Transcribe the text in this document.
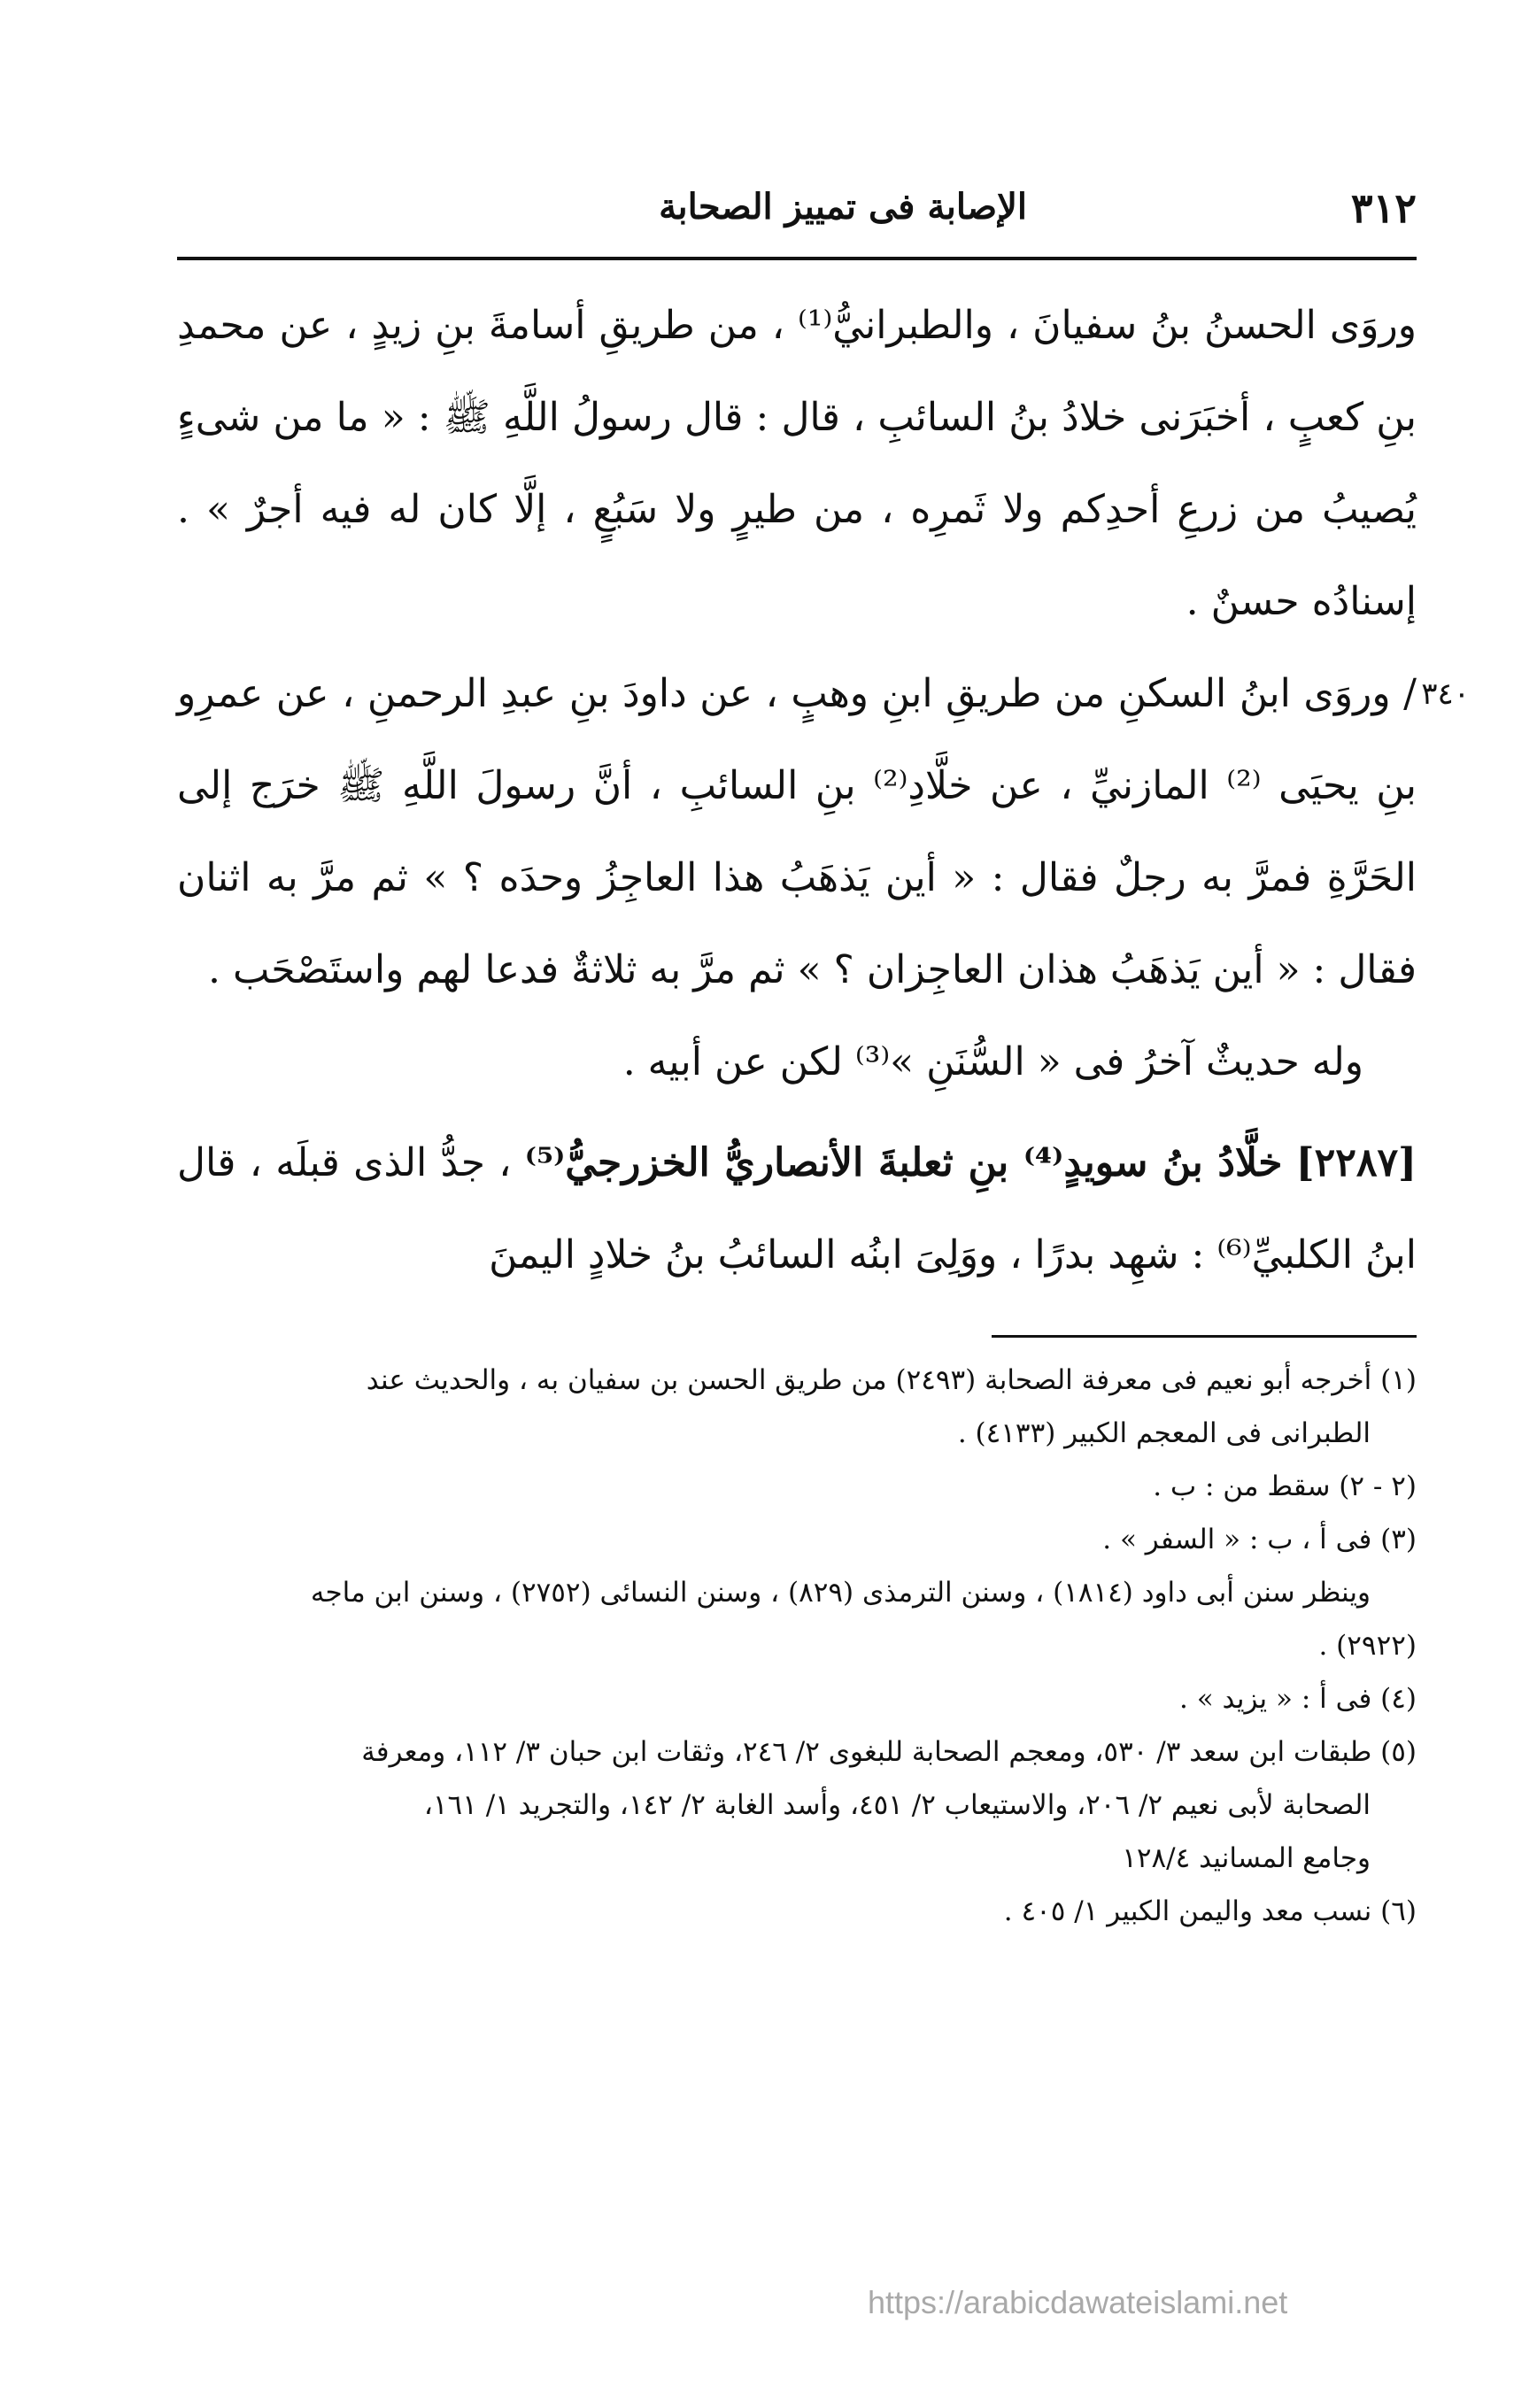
٣١٢
الإصابة فى تمييز الصحابة

وروَى الحسنُ بنُ سفيانَ ، والطبرانيُّ⁽¹⁾ ، من طريقِ أسامةَ بنِ زيدٍ ، عن محمدِ بنِ كعبٍ ، أخبَرَنى خلادُ بنُ السائبِ ، قال : قال رسولُ اللَّهِ ﷺ : « ما من شىءٍ يُصيبُ من زرعِ أحدِكم ولا ثَمرِه ، من طيرٍ ولا سَبُعٍ ، إلَّا كان له فيه أجرٌ » . إسنادُه حسنٌ .

٣٤٠

/ وروَى ابنُ السكنِ من طريقِ ابنِ وهبٍ ، عن داودَ بنِ عبدِ الرحمنِ ، عن عمرِو بنِ يحيَى ⁽²⁾ المازنيِّ ، عن خلَّادِ⁽²⁾ بنِ السائبِ ، أنَّ رسولَ اللَّهِ ﷺ خرَج إلى الحَرَّةِ فمرَّ به رجلٌ فقال : « أين يَذهَبُ هذا العاجِزُ وحدَه ؟ » ثم مرَّ به اثنان فقال : « أين يَذهَبُ هذان العاجِزان ؟ » ثم مرَّ به ثلاثةٌ فدعا لهم واستَصْحَب .

وله حديثٌ آخرُ فى « السُّنَنِ »⁽³⁾ لكن عن أبيه .

[٢٢٨٧] خلَّادُ بنُ سويدٍ⁽⁴⁾ بنِ ثعلبةَ الأنصاريُّ الخزرجيُّ⁽⁵⁾ ، جدُّ الذى قبلَه ، قال ابنُ الكلبيِّ⁽⁶⁾ : شهِد بدرًا ، ووَلِىَ ابنُه السائبُ بنُ خلادٍ اليمنَ

(١) أخرجه أبو نعيم فى معرفة الصحابة (٢٤٩٣) من طريق الحسن بن سفيان به ، والحديث عند

الطبرانى فى المعجم الكبير (٤١٣٣) .

(٢ - ٢) سقط من : ب .

(٣) فى أ ، ب : « السفر » .

وينظر سنن أبى داود (١٨١٤) ، وسنن الترمذى (٨٢٩) ، وسنن النسائى (٢٧٥٢) ، وسنن ابن ماجه

(٢٩٢٢) .

(٤) فى أ : « يزيد » .

(٥) طبقات ابن سعد ٣/ ٥٣٠، ومعجم الصحابة للبغوى ٢/ ٢٤٦، وثقات ابن حبان ٣/ ١١٢، ومعرفة

الصحابة لأبى نعيم ٢/ ٢٠٦، والاستيعاب ٢/ ٤٥١، وأسد الغابة ٢/ ١٤٢، والتجريد ١/ ١٦١،

وجامع المسانيد ١٢٨/٤

(٦) نسب معد واليمن الكبير ١/ ٤٠٥ .

https://arabicdawateislami.net
